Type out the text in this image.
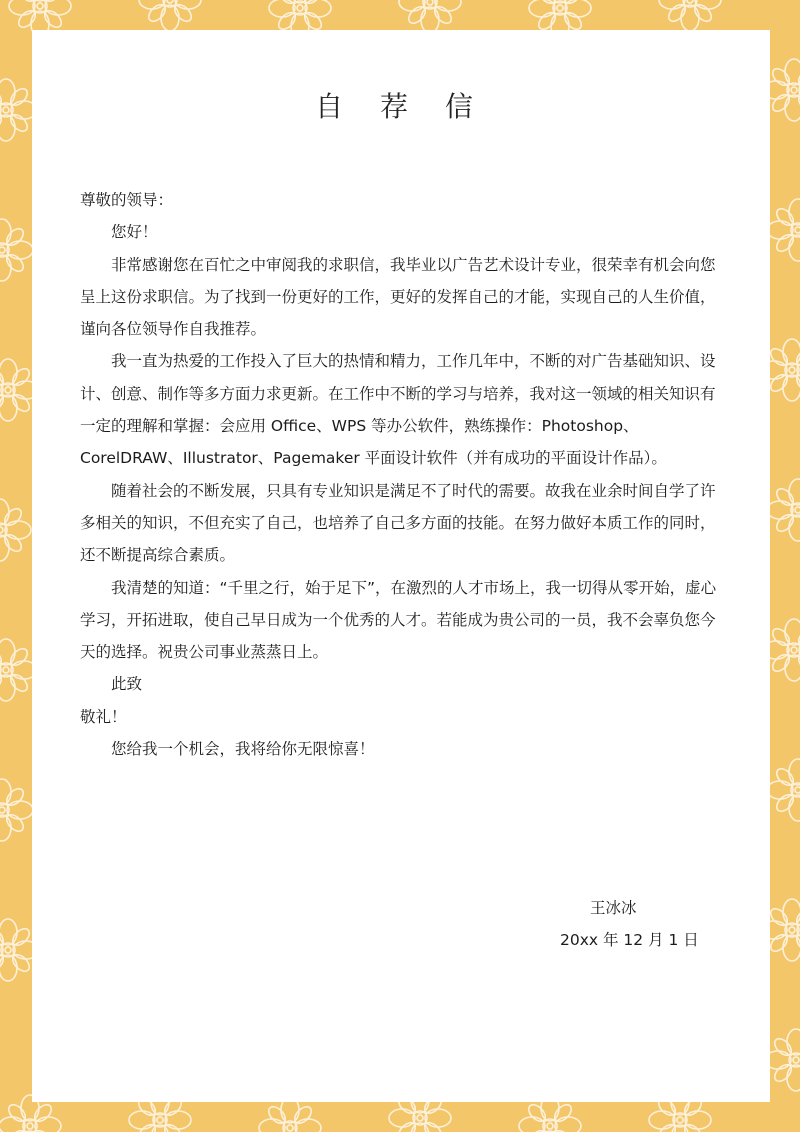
自 荐 信

尊敬的领导：

您好！

非常感谢您在百忙之中审阅我的求职信，我毕业以广告艺术设计专业，很荣幸有机会向您呈上这份求职信。为了找到一份更好的工作，更好的发挥自己的才能，实现自己的人生价值，谨向各位领导作自我推荐。

我一直为热爱的工作投入了巨大的热情和精力，工作几年中，不断的对广告基础知识、设计、创意、制作等多方面力求更新。在工作中不断的学习与培养，我对这一领域的相关知识有一定的理解和掌握：会应用 Office、WPS 等办公软件，熟练操作：Photoshop、CorelDRAW、Illustrator、Pagemaker 平面设计软件（并有成功的平面设计作品）。

随着社会的不断发展，只具有专业知识是满足不了时代的需要。故我在业余时间自学了许多相关的知识，不但充实了自己，也培养了自己多方面的技能。在努力做好本质工作的同时，还不断提高综合素质。

我清楚的知道：“千里之行，始于足下”，在激烈的人才市场上，我一切得从零开始，虚心学习，开拓进取，使自己早日成为一个优秀的人才。若能成为贵公司的一员，我不会辜负您今天的选择。祝贵公司事业蒸蒸日上。

此致

敬礼！

您给我一个机会，我将给你无限惊喜！

王冰冰
20xx 年 12 月 1 日
